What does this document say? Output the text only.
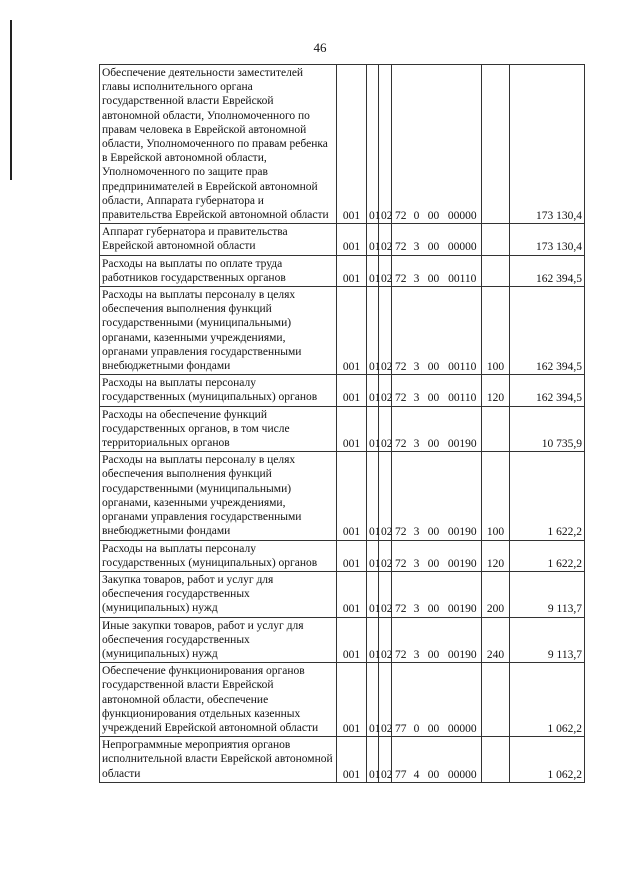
46
Обеспечение деятельности заместителей главы исполнительного органа государственной власти Еврейской автономной области, Уполномоченного по правам человека в Еврейской автономной области, Уполномоченного по правам ребенка в Еврейской автономной области, Уполномоченного по защите прав предпринимателей в Еврейской автономной области, Аппарата губернатора и правительства Еврейской автономной области	001	01	02	72	0	00	00000		173 130,4
Аппарат губернатора и правительства Еврейской автономной области	001	01	02	72	3	00	00000		173 130,4
Расходы на выплаты по оплате труда работников государственных органов	001	01	02	72	3	00	00110		162 394,5
Расходы на выплаты персоналу в целях обеспечения выполнения функций государственными (муниципальными) органами, казенными учреждениями, органами управления государственными внебюджетными фондами	001	01	02	72	3	00	00110	100	162 394,5
Расходы на выплаты персоналу государственных (муниципальных) органов	001	01	02	72	3	00	00110	120	162 394,5
Расходы на обеспечение функций государственных органов, в том числе территориальных органов	001	01	02	72	3	00	00190		10 735,9
Расходы на выплаты персоналу в целях обеспечения выполнения функций государственными (муниципальными) органами, казенными учреждениями, органами управления государственными внебюджетными фондами	001	01	02	72	3	00	00190	100	1 622,2
Расходы на выплаты персоналу государственных (муниципальных) органов	001	01	02	72	3	00	00190	120	1 622,2
Закупка товаров, работ и услуг для обеспечения государственных (муниципальных) нужд	001	01	02	72	3	00	00190	200	9 113,7
Иные закупки товаров, работ и услуг для обеспечения государственных (муниципальных) нужд	001	01	02	72	3	00	00190	240	9 113,7
Обеспечение функционирования органов государственной власти Еврейской автономной области, обеспечение функционирования отдельных казенных учреждений Еврейской автономной области	001	01	02	77	0	00	00000		1 062,2
Непрограммные мероприятия органов исполнительной власти Еврейской автономной области	001	01	02	77	4	00	00000		1 062,2
